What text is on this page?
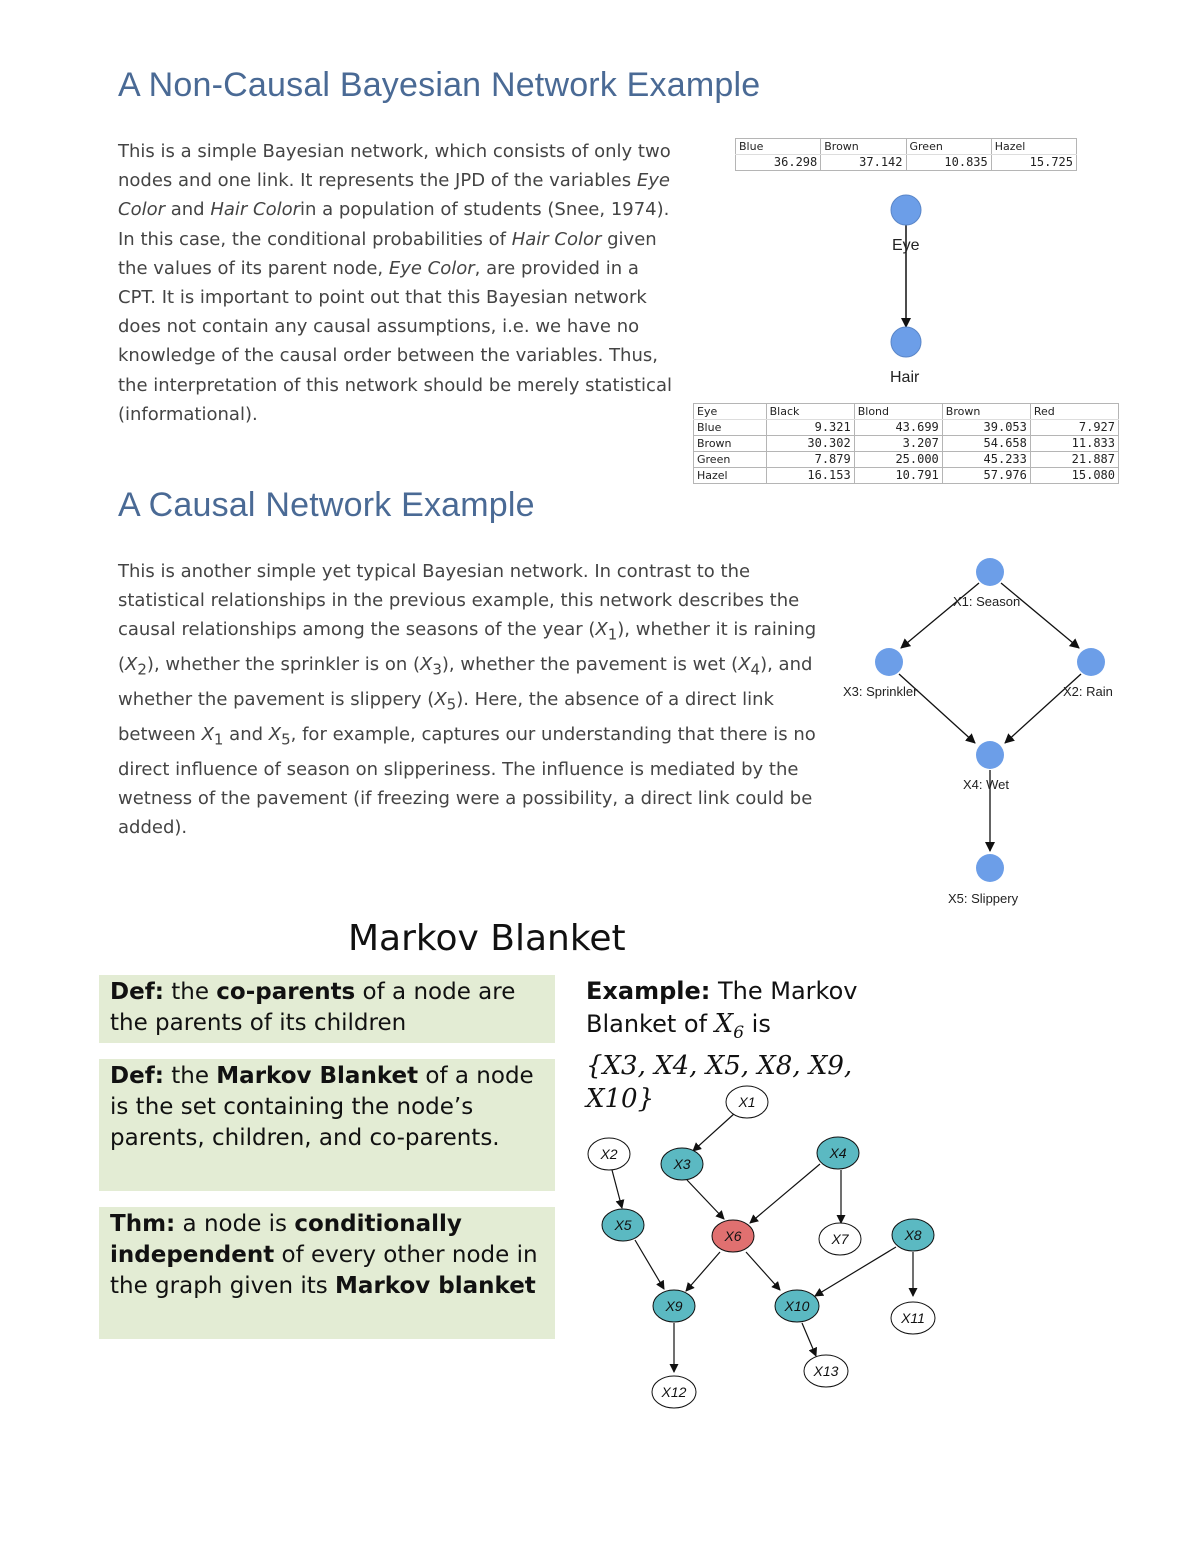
A Non-Causal Bayesian Network Example

This is a simple Bayesian network, which consists of only two nodes and one link. It represents the JPD of the variables Eye Color and Hair Colorin a population of students (Snee, 1974). In this case, the conditional probabilities of Hair Color given the values of its parent node, Eye Color, are provided in a CPT. It is important to point out that this Bayesian network does not contain any causal assumptions, i.e. we have no knowledge of the causal order between the variables. Thus, the interpretation of this network should be merely statistical (informational).

Blue	Brown	Green	Hazel
36.298	37.142	10.835	15.725
Eye
Hair
Eye	Black	Blond	Brown	Red
Blue	9.321	43.699	39.053	7.927
Brown	30.302	3.207	54.658	11.833
Green	7.879	25.000	45.233	21.887
Hazel	16.153	10.791	57.976	15.080
A Causal Network Example

This is another simple yet typical Bayesian network. In contrast to the statistical relationships in the previous example, this network describes the causal relationships among the seasons of the year $(X_1)$, whether it is raining $(X_2)$, whether the sprinkler is on $(X_3)$, whether the pavement is wet $(X_4)$, and whether the pavement is slippery $(X_5)$. Here, the absence of a direct link between $X_1$ and $X_5$, for example, captures our understanding that there is no direct influence of season on slipperiness. The influence is mediated by the wetness of the pavement (if freezing were a possibility, a direct link could be added).

X1: Season
X3: Sprinkler	X2: Rain
X4: Wet
X5: Slippery
Markov Blanket
Def: the co-parents of a node are the parents of its children
Def: the Markov Blanket of a node is the set containing the node’s parents, children, and co-parents.
Thm: a node is conditionally independent of every other node in the graph given its Markov blanket
Example: The Markov Blanket of $X_6$ is
{X3, X4, X5, X8, X9, X10}	X1
X2
X3
X4
X5
X6	X7	X8
X9	X10
X11
X12
X13
